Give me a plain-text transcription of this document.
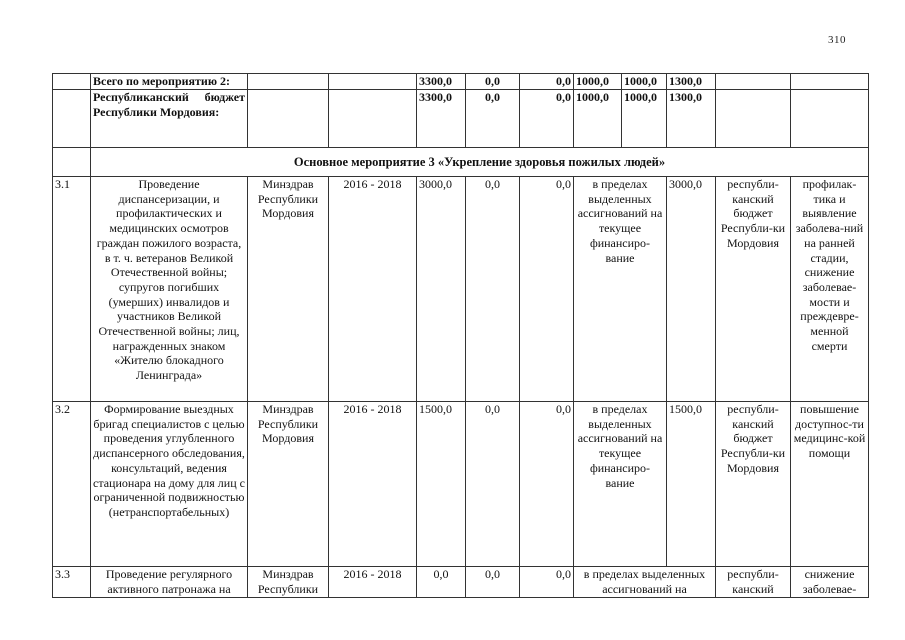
310
	Всего по мероприятию 2:			3300,0	0,0	0,0	1000,0	1000,0	1300,0		
	Республиканский бюджет Республики Мордовия:			3300,0	0,0	0,0	1000,0	1000,0	1300,0		
	Основное мероприятие 3 «Укрепление здоровья пожилых людей»										
3.1	Проведение диспансеризации, и профилактических и медицинских осмотров граждан пожилого возраста, в т. ч. ветеранов Великой Отечественной войны; супругов погибших (умерших) инвалидов и участников Великой Отечественной войны; лиц, награжденных знаком «Жителю блокадного Ленинграда»	Минздрав Республики Мордовия	2016 - 2018	3000,0	0,0	0,0	в пределах выделенных ассигнований на текущее финансиро-вание		3000,0	республи-канский бюджет Республи-ки Мордовия	профилак-тика и выявление заболева-ний на ранней стадии, снижение заболевае-мости и преждевре-менной смерти
3.2	Формирование выездных бригад специалистов с целью проведения углубленного диспансерного обследования, консультаций, ведения стационара на дому для лиц с ограниченной подвижностью (нетранспортабельных)	Минздрав Республики Мордовия	2016 - 2018	1500,0	0,0	0,0	в пределах выделенных ассигнований на текущее финансиро-вание		1500,0	республи-канский бюджет Республи-ки Мордовия	повышение доступнос-ти медицинс-кой помощи
3.3	Проведение регулярного активного патронажа на	Минздрав Республики	2016 - 2018	0,0	0,0	0,0	в пределах выделенных ассигнований на			республи-канский	снижение заболевае-
